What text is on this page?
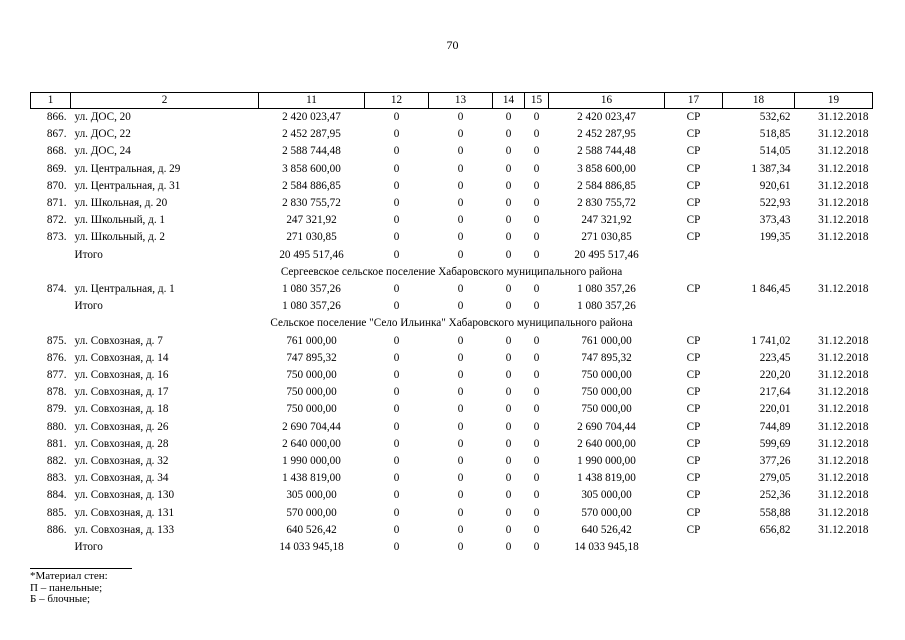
70
1	2	11	12	13	14	15	16	17	18	19
866.	ул. ДОС, 20	2 420 023,47	0	0	0	0	2 420 023,47	СР	532,62	31.12.2018
867.	ул. ДОС, 22	2 452 287,95	0	0	0	0	2 452 287,95	СР	518,85	31.12.2018
868.	ул. ДОС, 24	2 588 744,48	0	0	0	0	2 588 744,48	СР	514,05	31.12.2018
869.	ул. Центральная, д. 29	3 858 600,00	0	0	0	0	3 858 600,00	СР	1 387,34	31.12.2018
870.	ул. Центральная, д. 31	2 584 886,85	0	0	0	0	2 584 886,85	СР	920,61	31.12.2018
871.	ул. Школьная, д. 20	2 830 755,72	0	0	0	0	2 830 755,72	СР	522,93	31.12.2018
872.	ул. Школьный, д. 1	247 321,92	0	0	0	0	247 321,92	СР	373,43	31.12.2018
873.	ул. Школьный, д. 2	271 030,85	0	0	0	0	271 030,85	СР	199,35	31.12.2018
	Итого	20 495 517,46	0	0	0	0	20 495 517,46			
Сергеевское сельское поселение Хабаровского муниципального района										
874.	ул. Центральная, д. 1	1 080 357,26	0	0	0	0	1 080 357,26	СР	1 846,45	31.12.2018
	Итого	1 080 357,26	0	0	0	0	1 080 357,26			
Сельское поселение "Село Ильинка" Хабаровского муниципального района										
875.	ул. Совхозная, д. 7	761 000,00	0	0	0	0	761 000,00	СР	1 741,02	31.12.2018
876.	ул. Совхозная, д. 14	747 895,32	0	0	0	0	747 895,32	СР	223,45	31.12.2018
877.	ул. Совхозная, д. 16	750 000,00	0	0	0	0	750 000,00	СР	220,20	31.12.2018
878.	ул. Совхозная, д. 17	750 000,00	0	0	0	0	750 000,00	СР	217,64	31.12.2018
879.	ул. Совхозная, д. 18	750 000,00	0	0	0	0	750 000,00	СР	220,01	31.12.2018
880.	ул. Совхозная, д. 26	2 690 704,44	0	0	0	0	2 690 704,44	СР	744,89	31.12.2018
881.	ул. Совхозная, д. 28	2 640 000,00	0	0	0	0	2 640 000,00	СР	599,69	31.12.2018
882.	ул. Совхозная, д. 32	1 990 000,00	0	0	0	0	1 990 000,00	СР	377,26	31.12.2018
883.	ул. Совхозная, д. 34	1 438 819,00	0	0	0	0	1 438 819,00	СР	279,05	31.12.2018
884.	ул. Совхозная, д. 130	305 000,00	0	0	0	0	305 000,00	СР	252,36	31.12.2018
885.	ул. Совхозная, д. 131	570 000,00	0	0	0	0	570 000,00	СР	558,88	31.12.2018
886.	ул. Совхозная, д. 133	640 526,42	0	0	0	0	640 526,42	СР	656,82	31.12.2018
	Итого	14 033 945,18	0	0	0	0	14 033 945,18			
*Материал стен:
П – панельные;
Б – блочные;
